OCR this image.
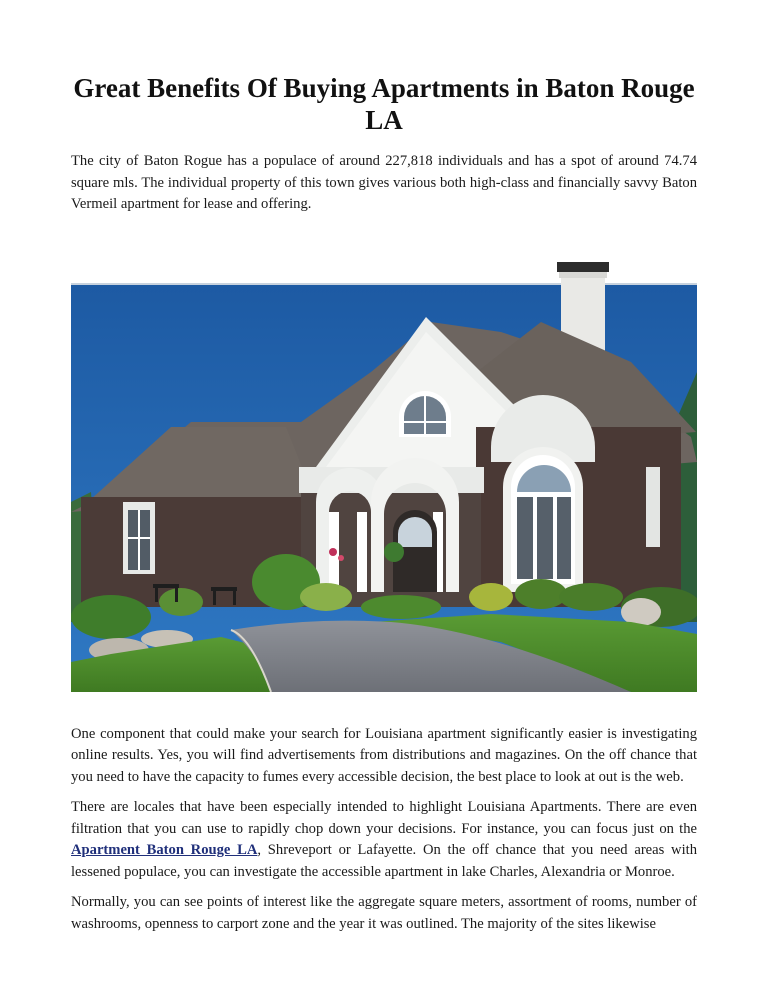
Great Benefits Of Buying Apartments in Baton Rouge LA

The city of Baton Rogue has a populace of around 227,818 individuals and has a spot of around 74.74 square mls. The individual property of this town gives various both high-class and financially savvy Baton Vermeil apartment for lease and offering.

One component that could make your search for Louisiana apartment significantly easier is investigating online results. Yes, you will find advertisements from distributions and magazines. On the off chance that you need to have the capacity to fumes every accessible decision, the best place to look at out is the web.

There are locales that have been especially intended to highlight Louisiana Apartments. There are even filtration that you can use to rapidly chop down your decisions. For instance, you can focus just on the Apartment Baton Rouge LA, Shreveport or Lafayette. On the off chance that you need areas with lessened populace, you can investigate the accessible apartment in lake Charles, Alexandria or Monroe.

Normally, you can see points of interest like the aggregate square meters, assortment of rooms, number of washrooms, openness to carport zone and the year it was outlined. The majority of the sites likewise
